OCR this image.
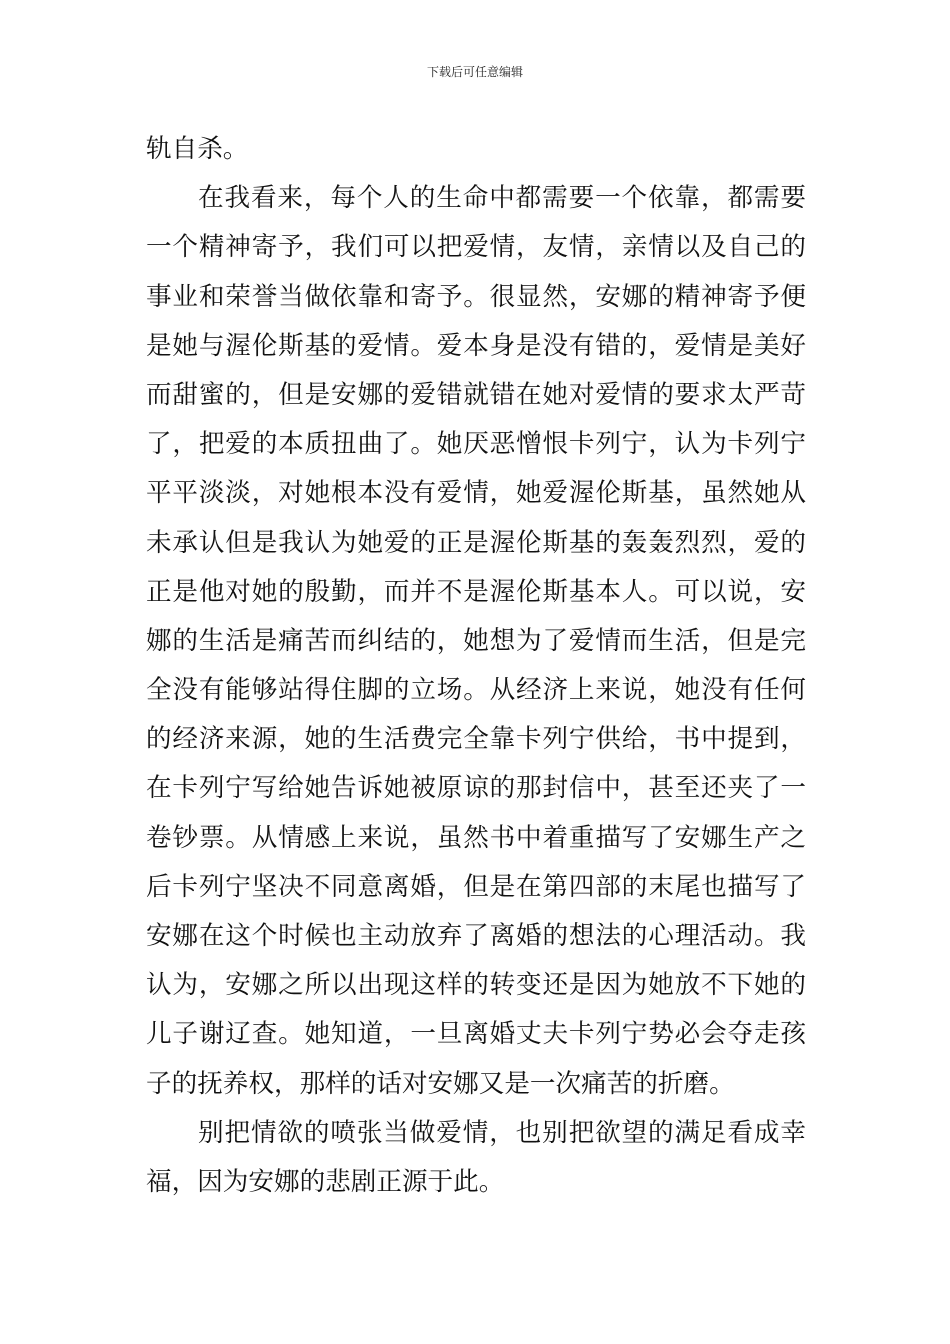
下载后可任意编辑
轨自杀。
在我看来，每个人的生命中都需要一个依靠，都需要
一个精神寄予，我们可以把爱情，友情，亲情以及自己的
事业和荣誉当做依靠和寄予。很显然，安娜的精神寄予便
是她与渥伦斯基的爱情。爱本身是没有错的，爱情是美好
而甜蜜的，但是安娜的爱错就错在她对爱情的要求太严苛
了，把爱的本质扭曲了。她厌恶憎恨卡列宁，认为卡列宁
平平淡淡，对她根本没有爱情，她爱渥伦斯基，虽然她从
未承认但是我认为她爱的正是渥伦斯基的轰轰烈烈，爱的
正是他对她的殷勤，而并不是渥伦斯基本人。可以说，安
娜的生活是痛苦而纠结的，她想为了爱情而生活，但是完
全没有能够站得住脚的立场。从经济上来说，她没有任何
的经济来源，她的生活费完全靠卡列宁供给，书中提到，
在卡列宁写给她告诉她被原谅的那封信中，甚至还夹了一
卷钞票。从情感上来说，虽然书中着重描写了安娜生产之
后卡列宁坚决不同意离婚，但是在第四部的末尾也描写了
安娜在这个时候也主动放弃了离婚的想法的心理活动。我
认为，安娜之所以出现这样的转变还是因为她放不下她的
儿子谢辽查。她知道，一旦离婚丈夫卡列宁势必会夺走孩
子的抚养权，那样的话对安娜又是一次痛苦的折磨。
别把情欲的喷张当做爱情，也别把欲望的满足看成幸
福，因为安娜的悲剧正源于此。
